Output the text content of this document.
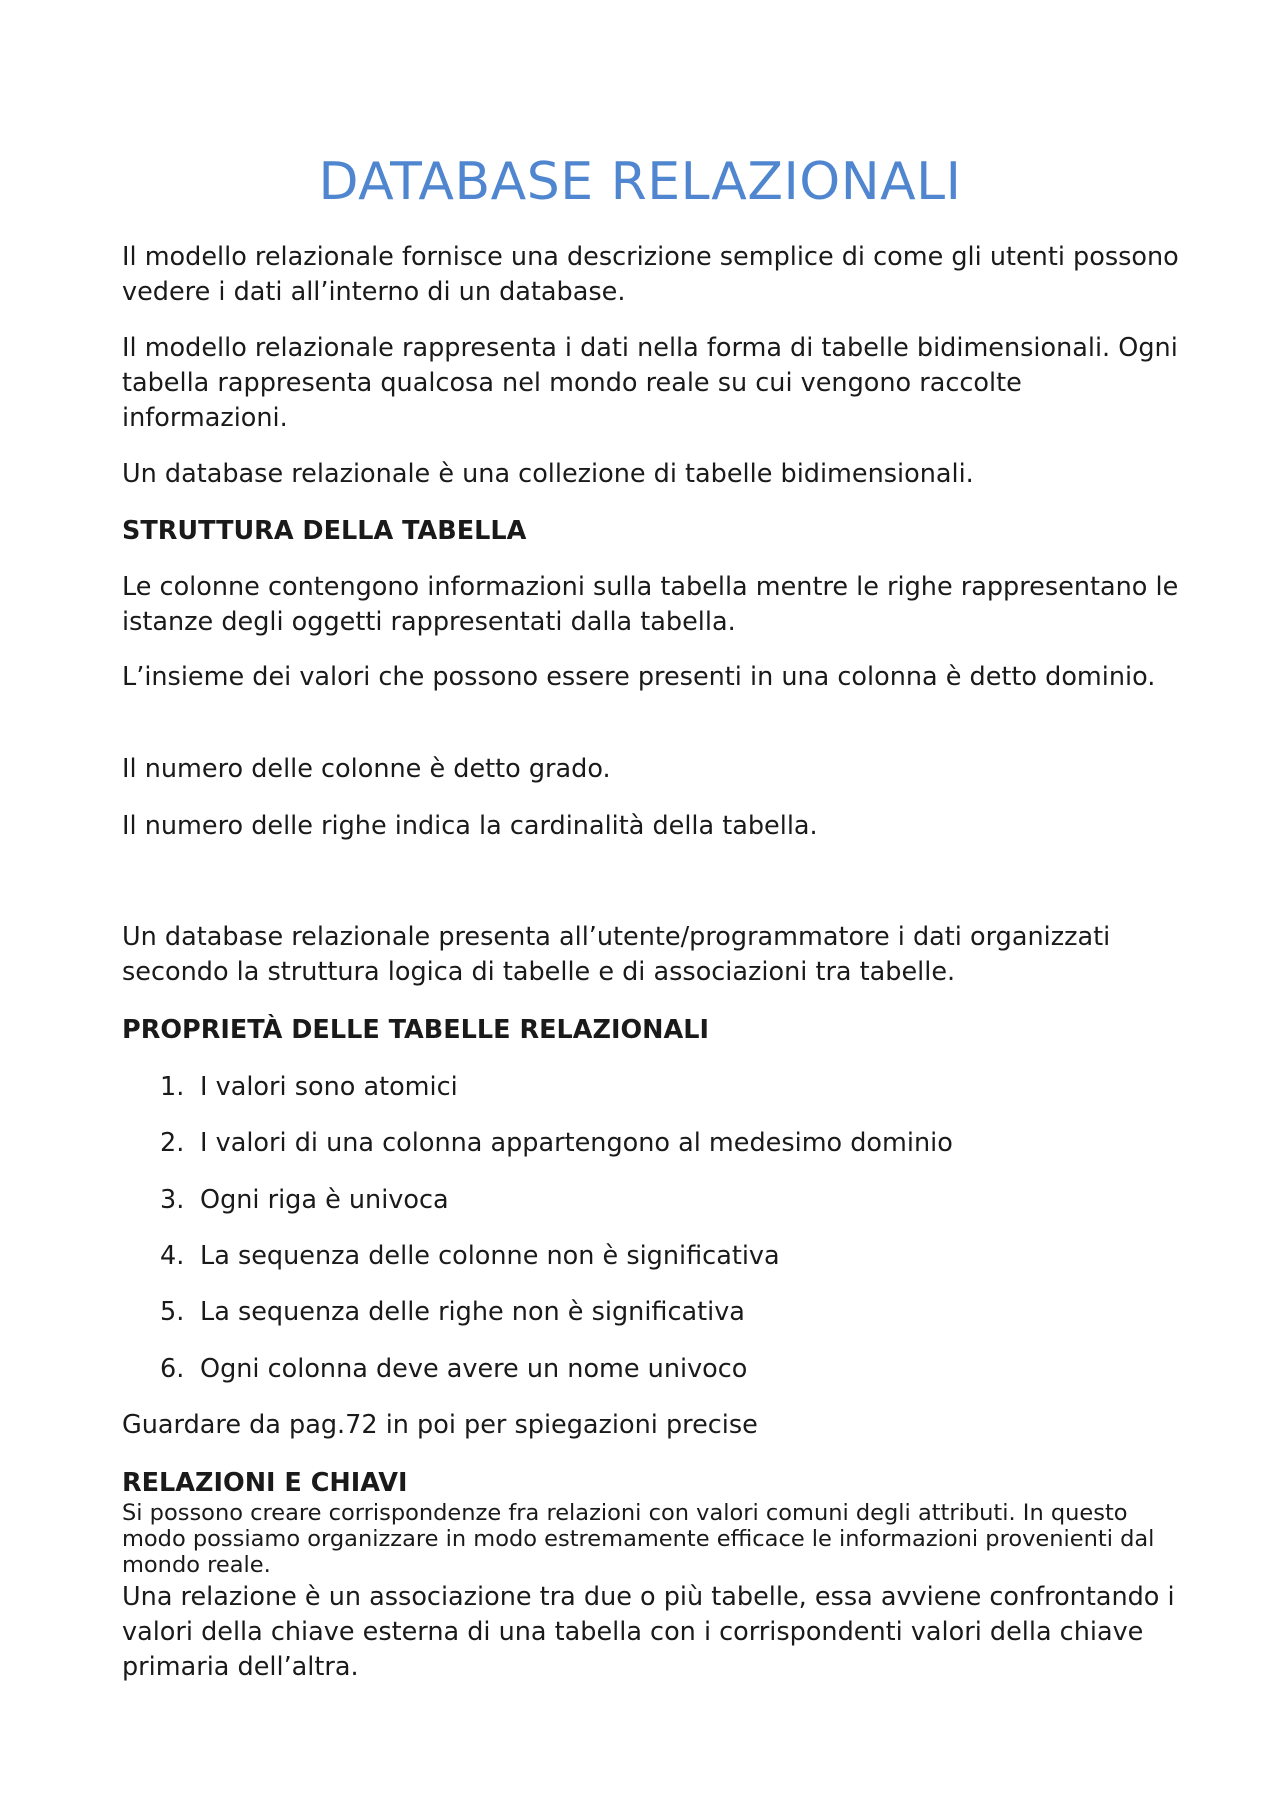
DATABASE RELAZIONALI

Il modello relazionale fornisce una descrizione semplice di come gli utenti possono vedere i dati all’interno di un database.

Il modello relazionale rappresenta i dati nella forma di tabelle bidimensionali. Ogni tabella rappresenta qualcosa nel mondo reale su cui vengono raccolte informazioni.

Un database relazionale è una collezione di tabelle bidimensionali.

STRUTTURA DELLA TABELLA

Le colonne contengono informazioni sulla tabella mentre le righe rappresentano le istanze degli oggetti rappresentati dalla tabella.

L’insieme dei valori che possono essere presenti in una colonna è detto dominio.

Il numero delle colonne è detto grado.

Il numero delle righe indica la cardinalità della tabella.

Un database relazionale presenta all’utente/programmatore i dati organizzati secondo la struttura logica di tabelle e di associazioni tra tabelle.

PROPRIETÀ DELLE TABELLE RELAZIONALI
1. I valori sono atomici
2. I valori di una colonna appartengono al medesimo dominio
3. Ogni riga è univoca
4. La sequenza delle colonne non è significativa
5. La sequenza delle righe non è significativa
6. Ogni colonna deve avere un nome univoco

Guardare da pag.72 in poi per spiegazioni precise

RELAZIONI E CHIAVI

Si possono creare corrispondenze fra relazioni con valori comuni degli attributi. In questo modo possiamo organizzare in modo estremamente efficace le informazioni provenienti dal mondo reale.

Una relazione è un associazione tra due o più tabelle, essa avviene confrontando i valori della chiave esterna di una tabella con i corrispondenti valori della chiave primaria dell’altra.
